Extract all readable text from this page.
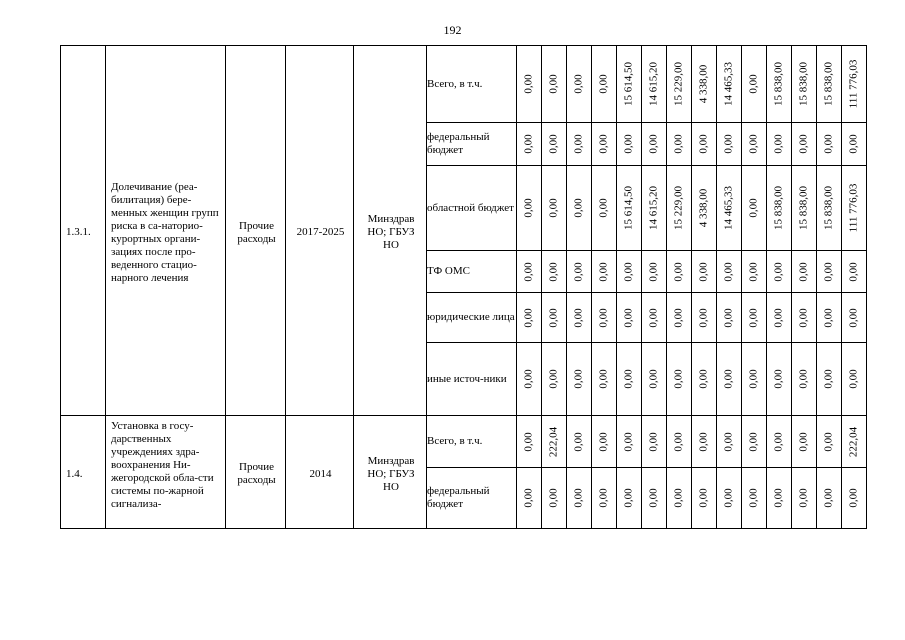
192
1.3.1.	Долечивание (реа-билитация) бере-менных женщин групп риска в са-наторио-курортных органи-зациях после про-веденного стацио-нарного лечения	Прочие расходы	2017-2025	Минздрав НО; ГБУЗ НО	Всего, в т.ч.	0,00	0,00	0,00	0,00	15 614,50	14 615,20	15 229,00	4 338,00	14 465,33	0,00	15 838,00	15 838,00	15 838,00	111 776,03

					федеральный бюджет	0,00	0,00	0,00	0,00	0,00	0,00	0,00	0,00	0,00	0,00	0,00	0,00	0,00	0,00

					областной бюджет	0,00	0,00	0,00	0,00	15 614,50	14 615,20	15 229,00	4 338,00	14 465,33	0,00	15 838,00	15 838,00	15 838,00	111 776,03

					ТФ ОМС	0,00	0,00	0,00	0,00	0,00	0,00	0,00	0,00	0,00	0,00	0,00	0,00	0,00	0,00

					юридические лица	0,00	0,00	0,00	0,00	0,00	0,00	0,00	0,00	0,00	0,00	0,00	0,00	0,00	0,00

					иные источ-ники	0,00	0,00	0,00	0,00	0,00	0,00	0,00	0,00	0,00	0,00	0,00	0,00	0,00	0,00

1.4.	Установка в госу-дарственных учреждениях здра-воохранения Ни-жегородской обла-сти системы по-жарной сигнализа-	Прочие расходы	2014	Минздрав НО; ГБУЗ НО	Всего, в т.ч.	0,00	222,04	0,00	0,00	0,00	0,00	0,00	0,00	0,00	0,00	0,00	0,00	0,00	222,04

					федеральный бюджет	0,00	0,00	0,00	0,00	0,00	0,00	0,00	0,00	0,00	0,00	0,00	0,00	0,00	0,00
